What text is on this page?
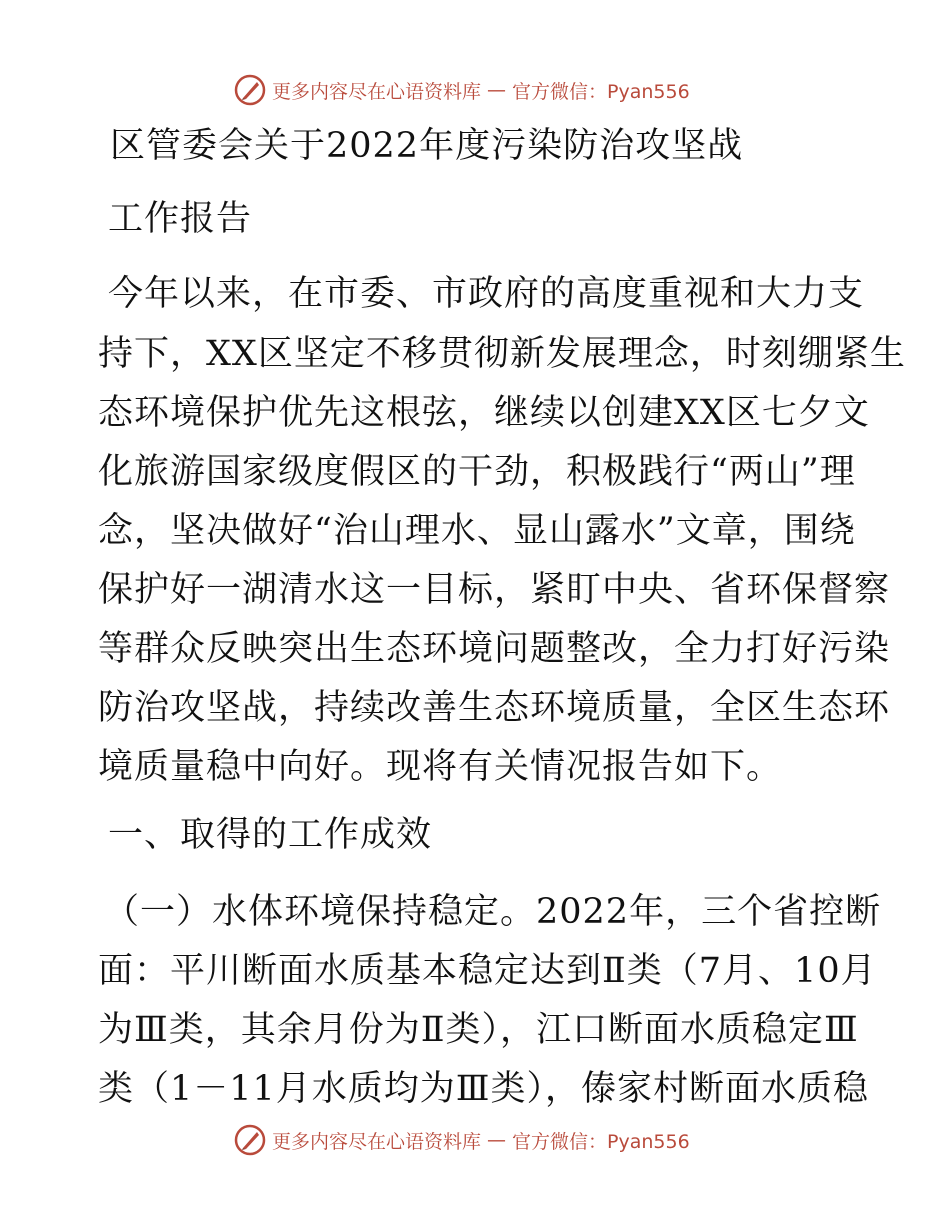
更多内容尽在心语资料库 — 官方微信：Pyan556
区管委会关于2022年度污染防治攻坚战
工作报告
今年以来，在市委、市政府的高度重视和大力支
持下，XX区坚定不移贯彻新发展理念，时刻绷紧生
态环境保护优先这根弦，继续以创建XX区七夕文
化旅游国家级度假区的干劲，积极践行“两山”理
念，坚决做好“治山理水、显山露水”文章，围绕
保护好一湖清水这一目标，紧盯中央、省环保督察
等群众反映突出生态环境问题整改，全力打好污染
防治攻坚战，持续改善生态环境质量，全区生态环
境质量稳中向好。现将有关情况报告如下。
一、取得的工作成效
（一）水体环境保持稳定。2022年，三个省控断
面：平川断面水质基本稳定达到Ⅱ类（7月、10月
为Ⅲ类，其余月份为Ⅱ类），江口断面水质稳定Ⅲ
类（1－11月水质均为Ⅲ类），傣家村断面水质稳
更多内容尽在心语资料库 — 官方微信：Pyan556
